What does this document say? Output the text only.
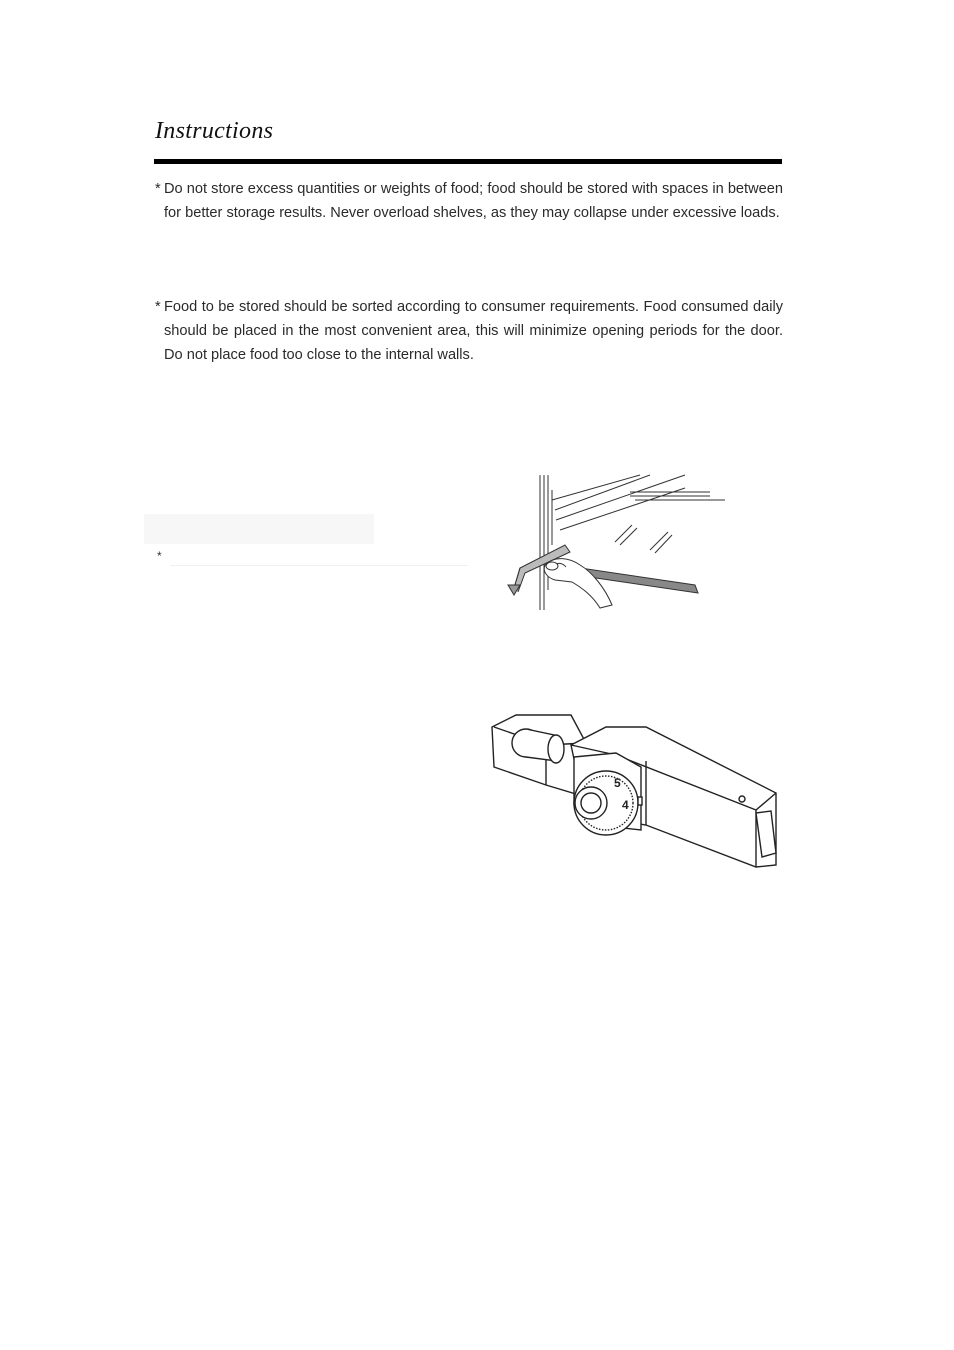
Instructions
* Do not store excess quantities or weights of food; food should be stored with spaces in between for better storage results. Never overload shelves, as they may collapse under excessive loads.
* Food to be stored should be sorted according to consumer requirements. Food consumed daily should be placed in the most convenient area, this will minimize opening periods for the door. Do not place food too close to the internal walls.
*
5
4
